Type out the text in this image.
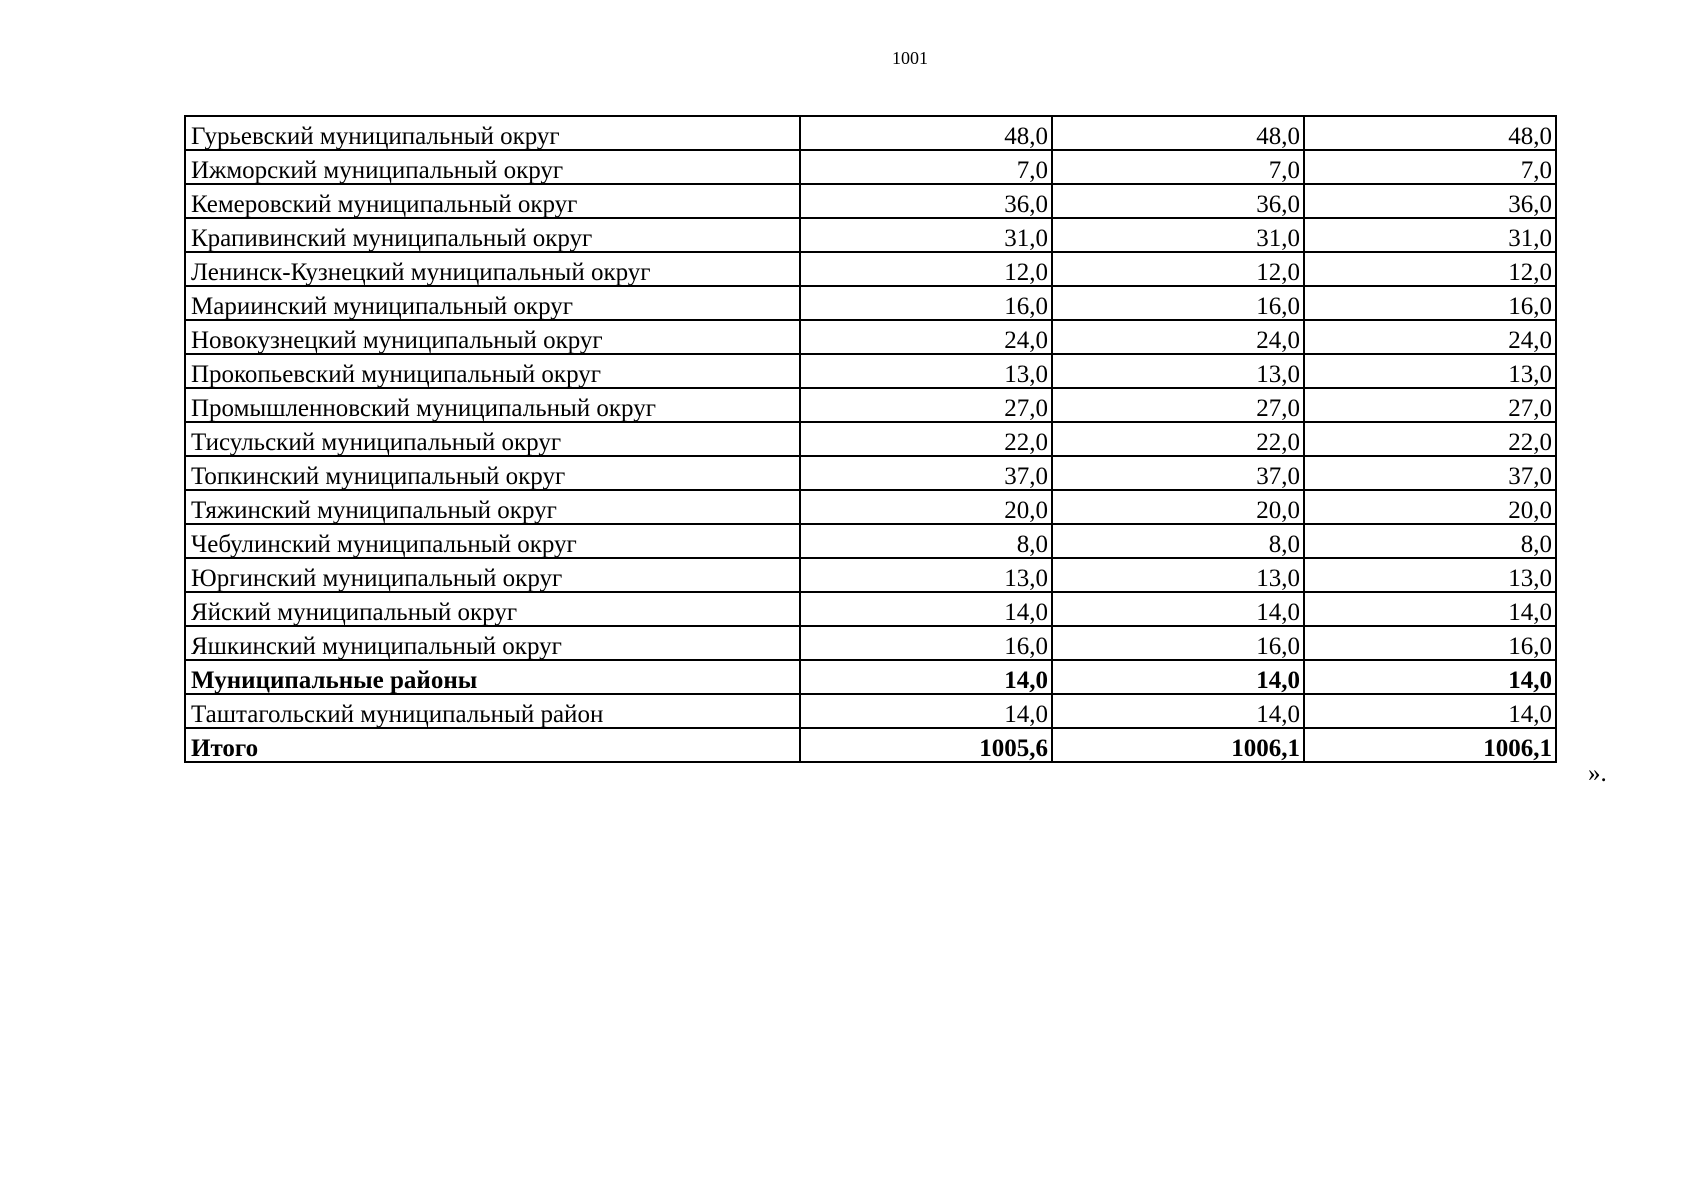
1001
Гурьевский муниципальный округ	48,0	48,0	48,0
Ижморский муниципальный округ	7,0	7,0	7,0
Кемеровский муниципальный округ	36,0	36,0	36,0
Крапивинский муниципальный округ	31,0	31,0	31,0
Ленинск-Кузнецкий муниципальный округ	12,0	12,0	12,0
Мариинский муниципальный округ	16,0	16,0	16,0
Новокузнецкий муниципальный округ	24,0	24,0	24,0
Прокопьевский муниципальный округ	13,0	13,0	13,0
Промышленновский муниципальный округ	27,0	27,0	27,0
Тисульский муниципальный округ	22,0	22,0	22,0
Топкинский муниципальный округ	37,0	37,0	37,0
Тяжинский муниципальный округ	20,0	20,0	20,0
Чебулинский муниципальный округ	8,0	8,0	8,0
Юргинский муниципальный округ	13,0	13,0	13,0
Яйский муниципальный округ	14,0	14,0	14,0
Яшкинский муниципальный округ	16,0	16,0	16,0
Муниципальные районы	14,0	14,0	14,0
Таштагольский муниципальный район	14,0	14,0	14,0
Итого	1005,6	1006,1	1006,1
».
